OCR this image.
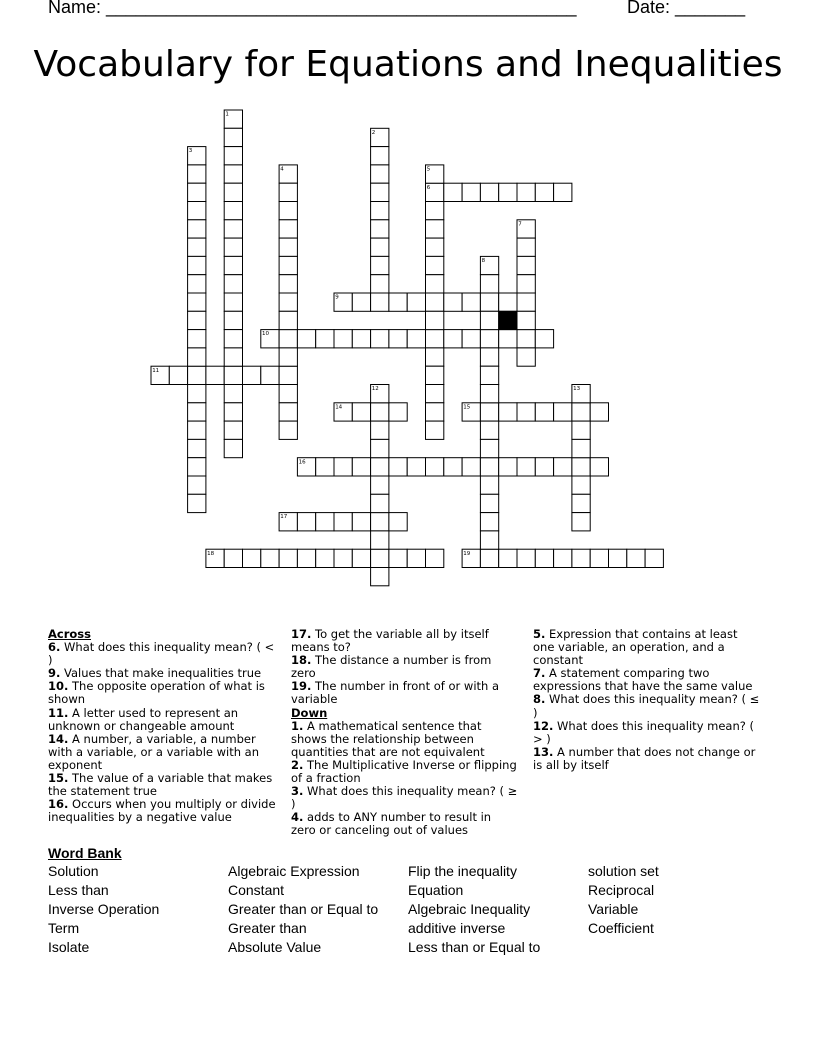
Name: _______________________________________________	Date: _______
Vocabulary for Equations and Inequalities
6
9
10
11
14	15
16
17
18	19
1
2
3
4	5
7
8
12	13
Across
6. What does this inequality mean? ( < )
9. Values that make inequalities true
10. The opposite operation of what is shown
11. A letter used to represent an unknown or changeable amount
14. A number, a variable, a number with a variable, or a variable with an exponent
15. The value of a variable that makes the statement true
16. Occurs when you multiply or divide inequalities by a negative value
17. To get the variable all by itself means to?
18. The distance a number is from zero
19. The number in front of or with a variable
Down
1. A mathematical sentence that shows the relationship between quantities that are not equivalent
2. The Multiplicative Inverse or flipping of a fraction
3. What does this inequality mean? ( ≥ )
4. adds to ANY number to result in zero or canceling out of values
5. Expression that contains at least one variable, an operation, and a constant
7. A statement comparing two expressions that have the same value
8. What does this inequality mean? ( ≤ )
12. What does this inequality mean? ( > )
13. A number that does not change or is all by itself
Word Bank
Solution
Less than
Inverse Operation
Term
Isolate
Algebraic Expression
Constant
Greater than or Equal to
Greater than
Absolute Value
Flip the inequality
Equation
Algebraic Inequality
additive inverse
Less than or Equal to
solution set
Reciprocal
Variable
Coefficient
